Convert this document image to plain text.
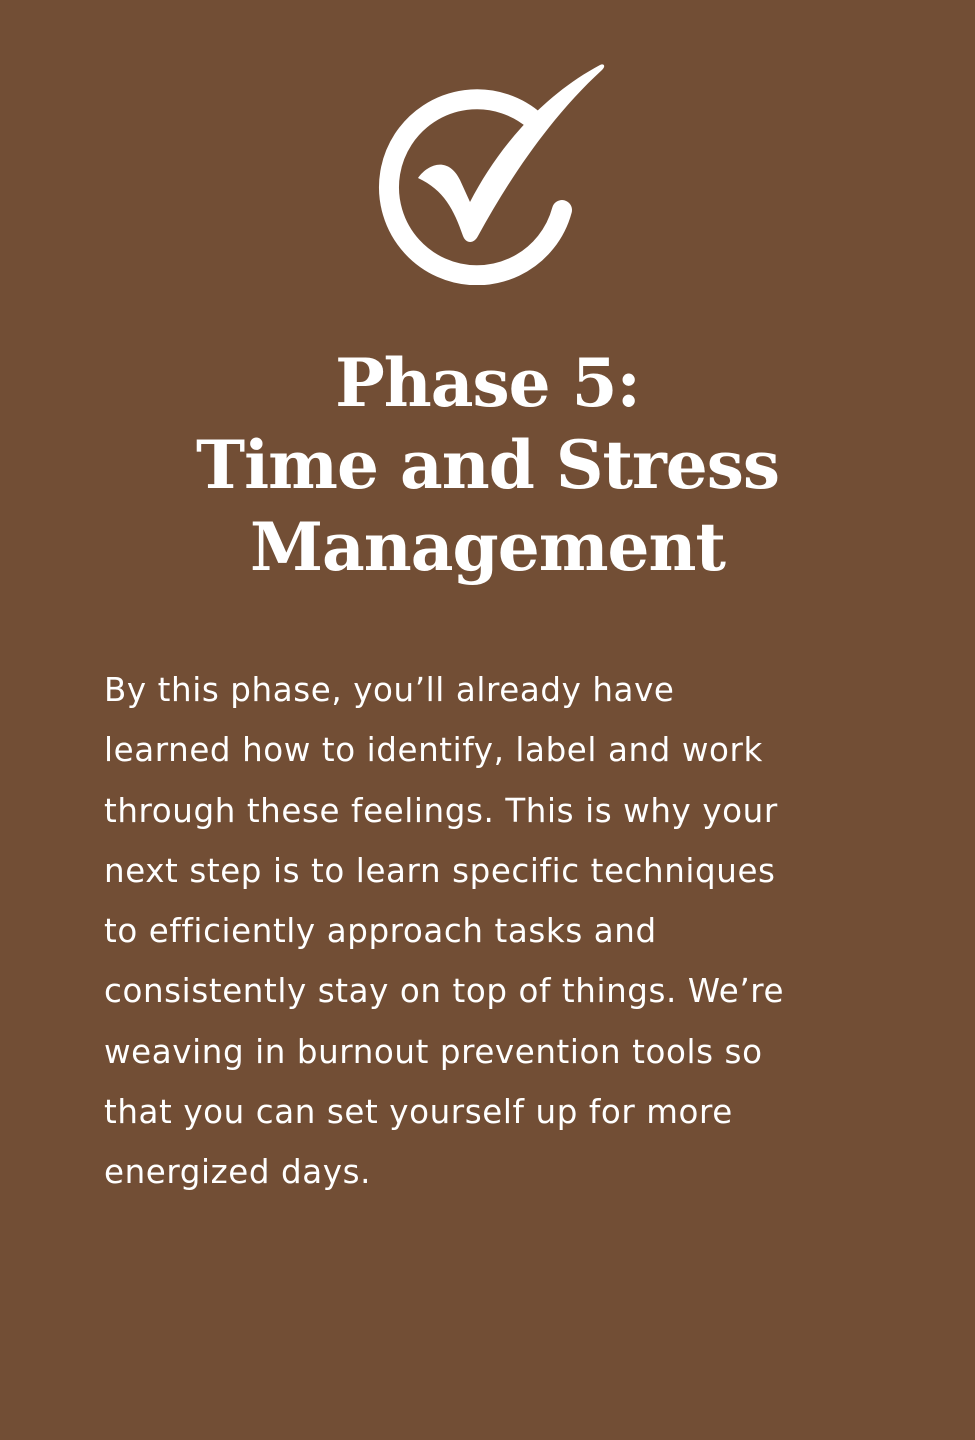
Phase 5:
Time and Stress
Management

By this phase, you’ll already have
learned how to identify, label and work
through these feelings. This is why your
next step is to learn specific techniques
to efficiently approach tasks and
consistently stay on top of things. We’re
weaving in burnout prevention tools so
that you can set yourself up for more
energized days.
